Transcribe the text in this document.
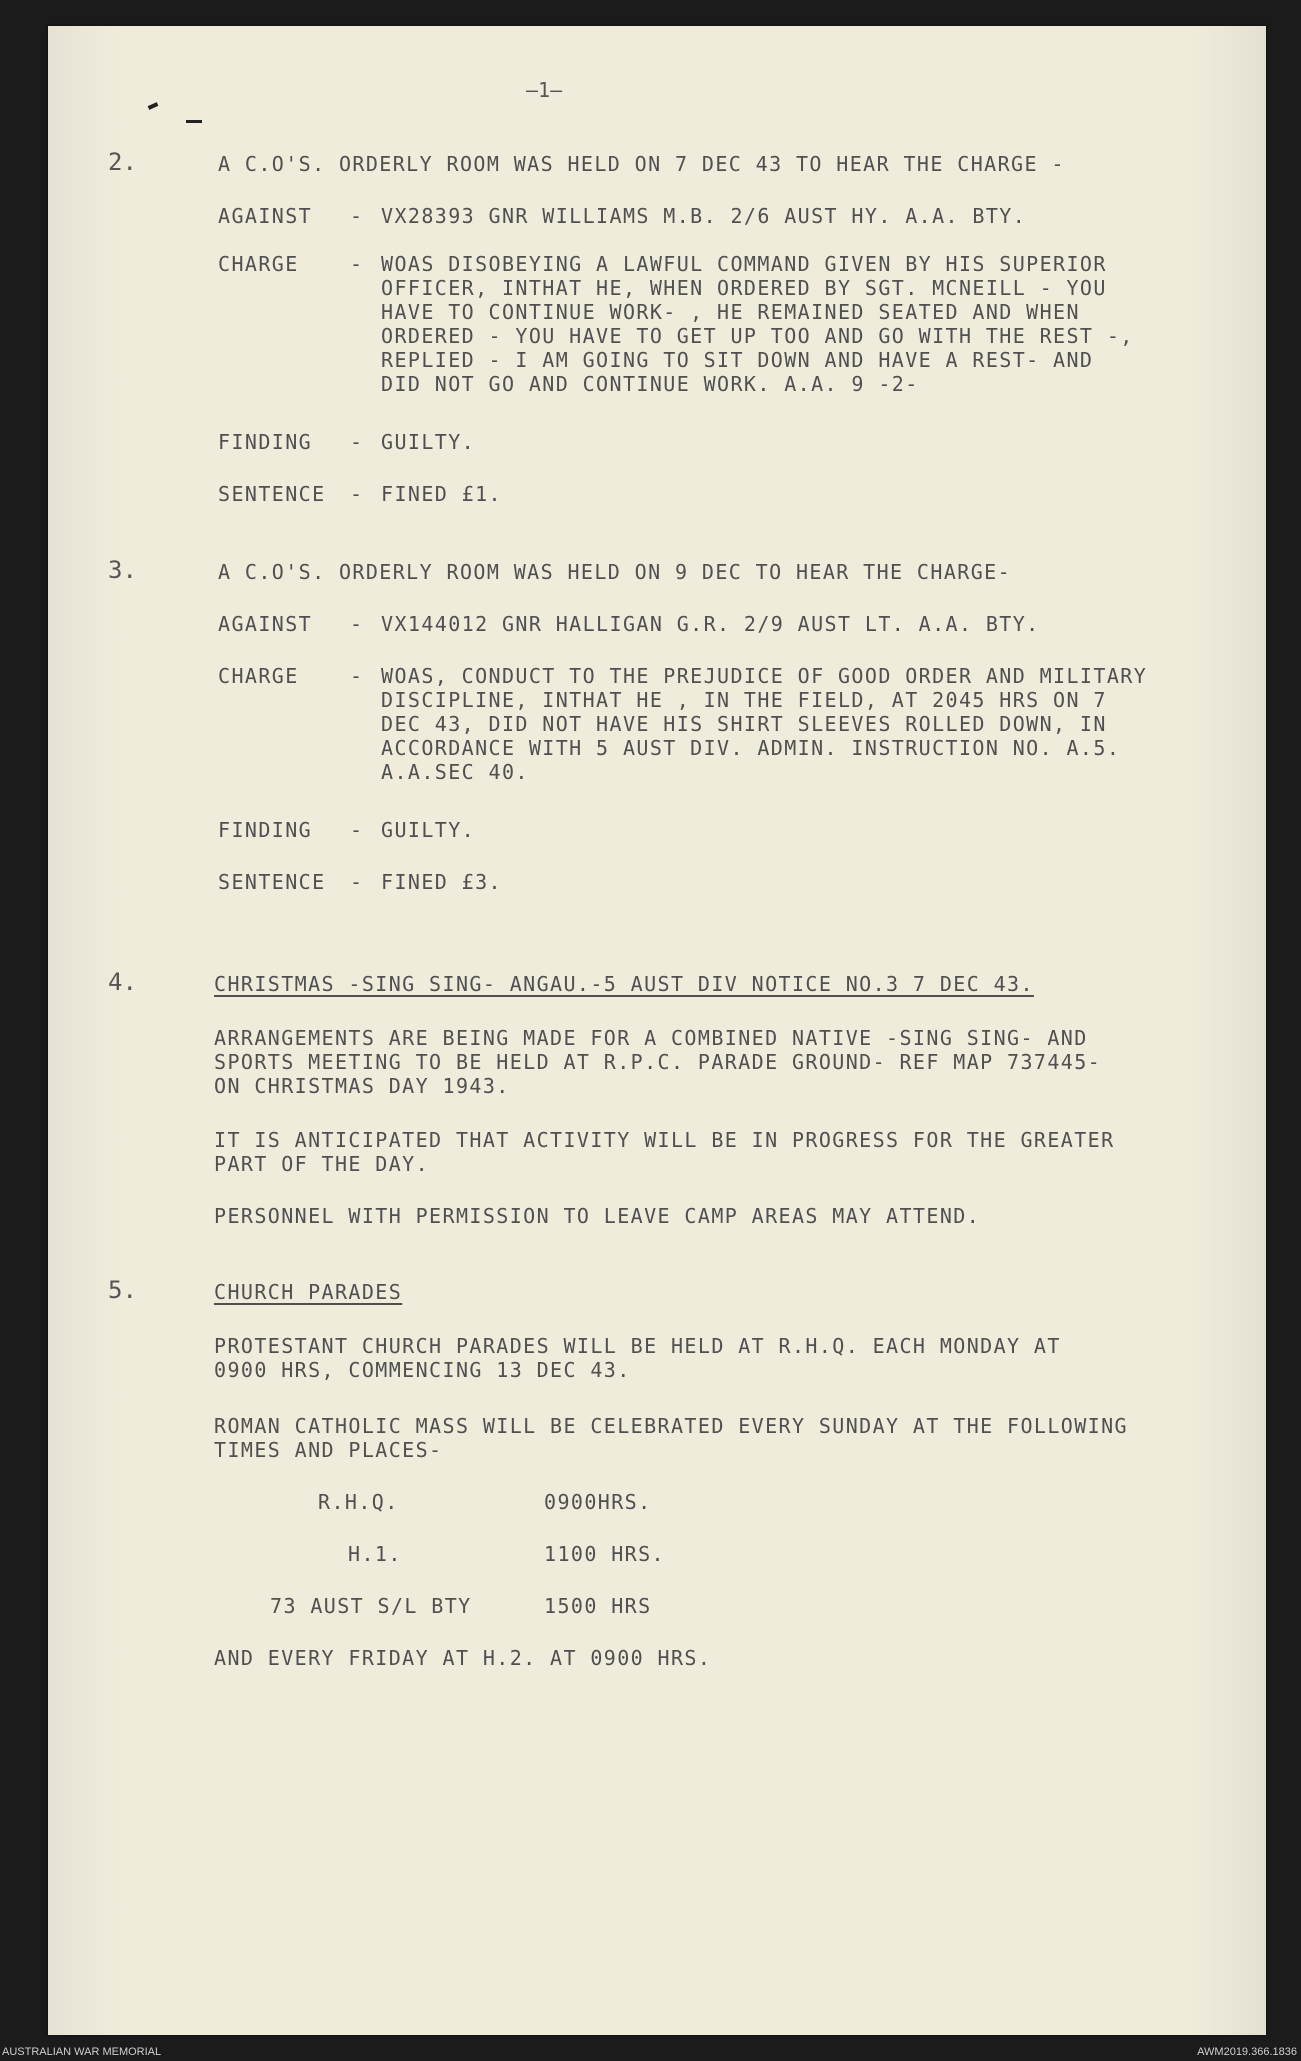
—1—
2.	A C.O'S. ORDERLY ROOM WAS HELD ON 7 DEC 43 TO HEAR THE CHARGE -
AGAINST - VX28393 GNR WILLIAMS M.B. 2/6 AUST HY. A.A. BTY.
CHARGE	- WOAS DISOBEYING A LAWFUL COMMAND GIVEN BY HIS SUPERIOR
OFFICER, INTHAT HE, WHEN ORDERED BY SGT. MCNEILL - YOU
HAVE TO CONTINUE WORK- , HE REMAINED SEATED AND WHEN
ORDERED - YOU HAVE TO GET UP TOO AND GO WITH THE REST -,
REPLIED - I AM GOING TO SIT DOWN AND HAVE A REST- AND
DID NOT GO AND CONTINUE WORK. A.A. 9 -2-
FINDING - GUILTY.
SENTENCE - FINED £1.
3.	A C.O'S. ORDERLY ROOM WAS HELD ON 9 DEC TO HEAR THE CHARGE-
AGAINST - VX144012 GNR HALLIGAN G.R. 2/9 AUST LT. A.A. BTY.
CHARGE	- WOAS, CONDUCT TO THE PREJUDICE OF GOOD ORDER AND MILITARY
DISCIPLINE, INTHAT HE , IN THE FIELD, AT 2045 HRS ON 7
DEC 43, DID NOT HAVE HIS SHIRT SLEEVES ROLLED DOWN, IN
ACCORDANCE WITH 5 AUST DIV. ADMIN. INSTRUCTION NO. A.5.
A.A.SEC 40.
FINDING - GUILTY.
SENTENCE - FINED £3.
4.	CHRISTMAS -SING SING- ANGAU.-5 AUST DIV NOTICE NO.3 7 DEC 43.
ARRANGEMENTS ARE BEING MADE FOR A COMBINED NATIVE -SING SING- AND
SPORTS MEETING TO BE HELD AT R.P.C. PARADE GROUND- REF MAP 737445-
ON CHRISTMAS DAY 1943.
IT IS ANTICIPATED THAT ACTIVITY WILL BE IN PROGRESS FOR THE GREATER
PART OF THE DAY.
PERSONNEL WITH PERMISSION TO LEAVE CAMP AREAS MAY ATTEND.
5.	CHURCH PARADES
PROTESTANT CHURCH PARADES WILL BE HELD AT R.H.Q. EACH MONDAY AT
0900 HRS, COMMENCING 13 DEC 43.
ROMAN CATHOLIC MASS WILL BE CELEBRATED EVERY SUNDAY AT THE FOLLOWING
TIMES AND PLACES-
R.H.Q.	0900HRS.
H.1.	1100 HRS.
73 AUST S/L BTY	1500 HRS
AND EVERY FRIDAY AT H.2. AT 0900 HRS.
AUSTRALIAN WAR MEMORIAL	AWM2019.366.1836
